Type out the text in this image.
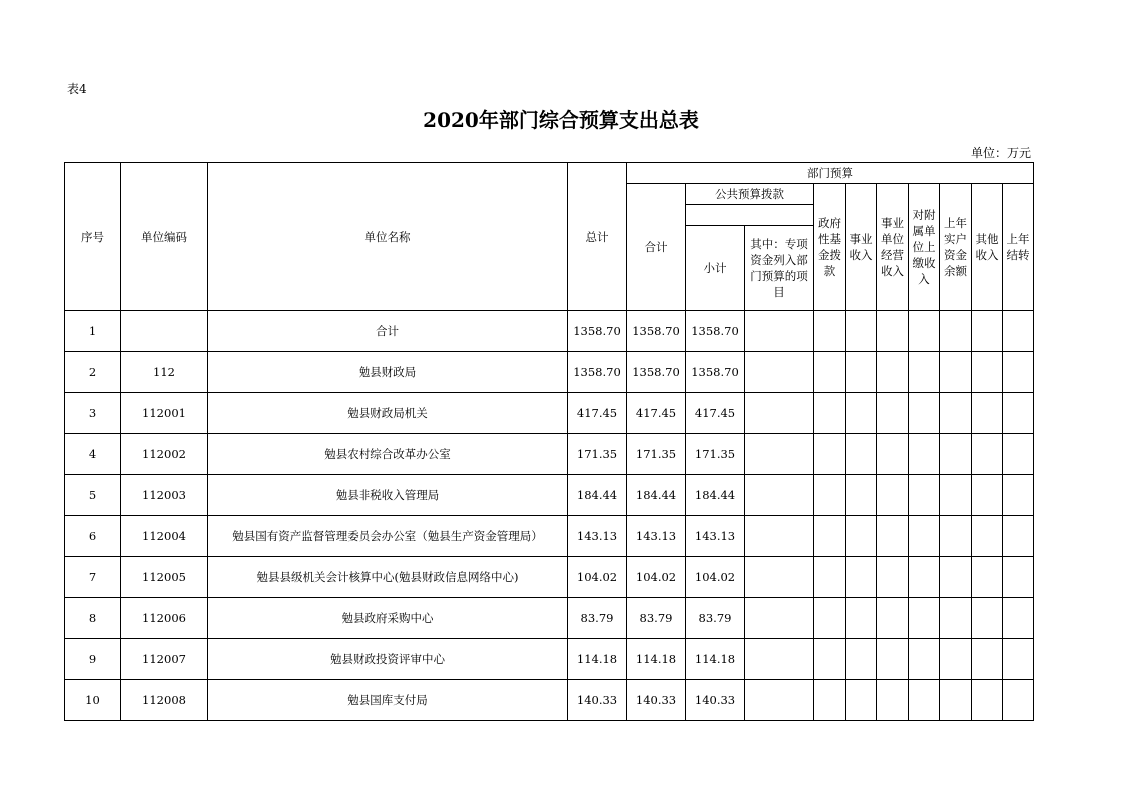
表4
2020年部门综合预算支出总表
单位：万元
序号	单位编码	单位名称	总计	部门预算									
				合计	公共预算拨款		政府性基金拨款	事业收入	事业单位经营收入	对附属单位上缴收入	上年实户资金余额	其他收入	上年结转

					小计	其中：专项资金列入部门预算的项目							
1		合计	1358.70	1358.70	1358.70								
2	112	勉县财政局	1358.70	1358.70	1358.70								
3	112001	勉县财政局机关	417.45	417.45	417.45								
4	112002	勉县农村综合改革办公室	171.35	171.35	171.35								
5	112003	勉县非税收入管理局	184.44	184.44	184.44								
6	112004	勉县国有资产监督管理委员会办公室（勉县生产资金管理局）	143.13	143.13	143.13								
7	112005	勉县县级机关会计核算中心(勉县财政信息网络中心)	104.02	104.02	104.02								
8	112006	勉县政府采购中心	83.79	83.79	83.79								
9	112007	勉县财政投资评审中心	114.18	114.18	114.18								
10	112008	勉县国库支付局	140.33	140.33	140.33								
